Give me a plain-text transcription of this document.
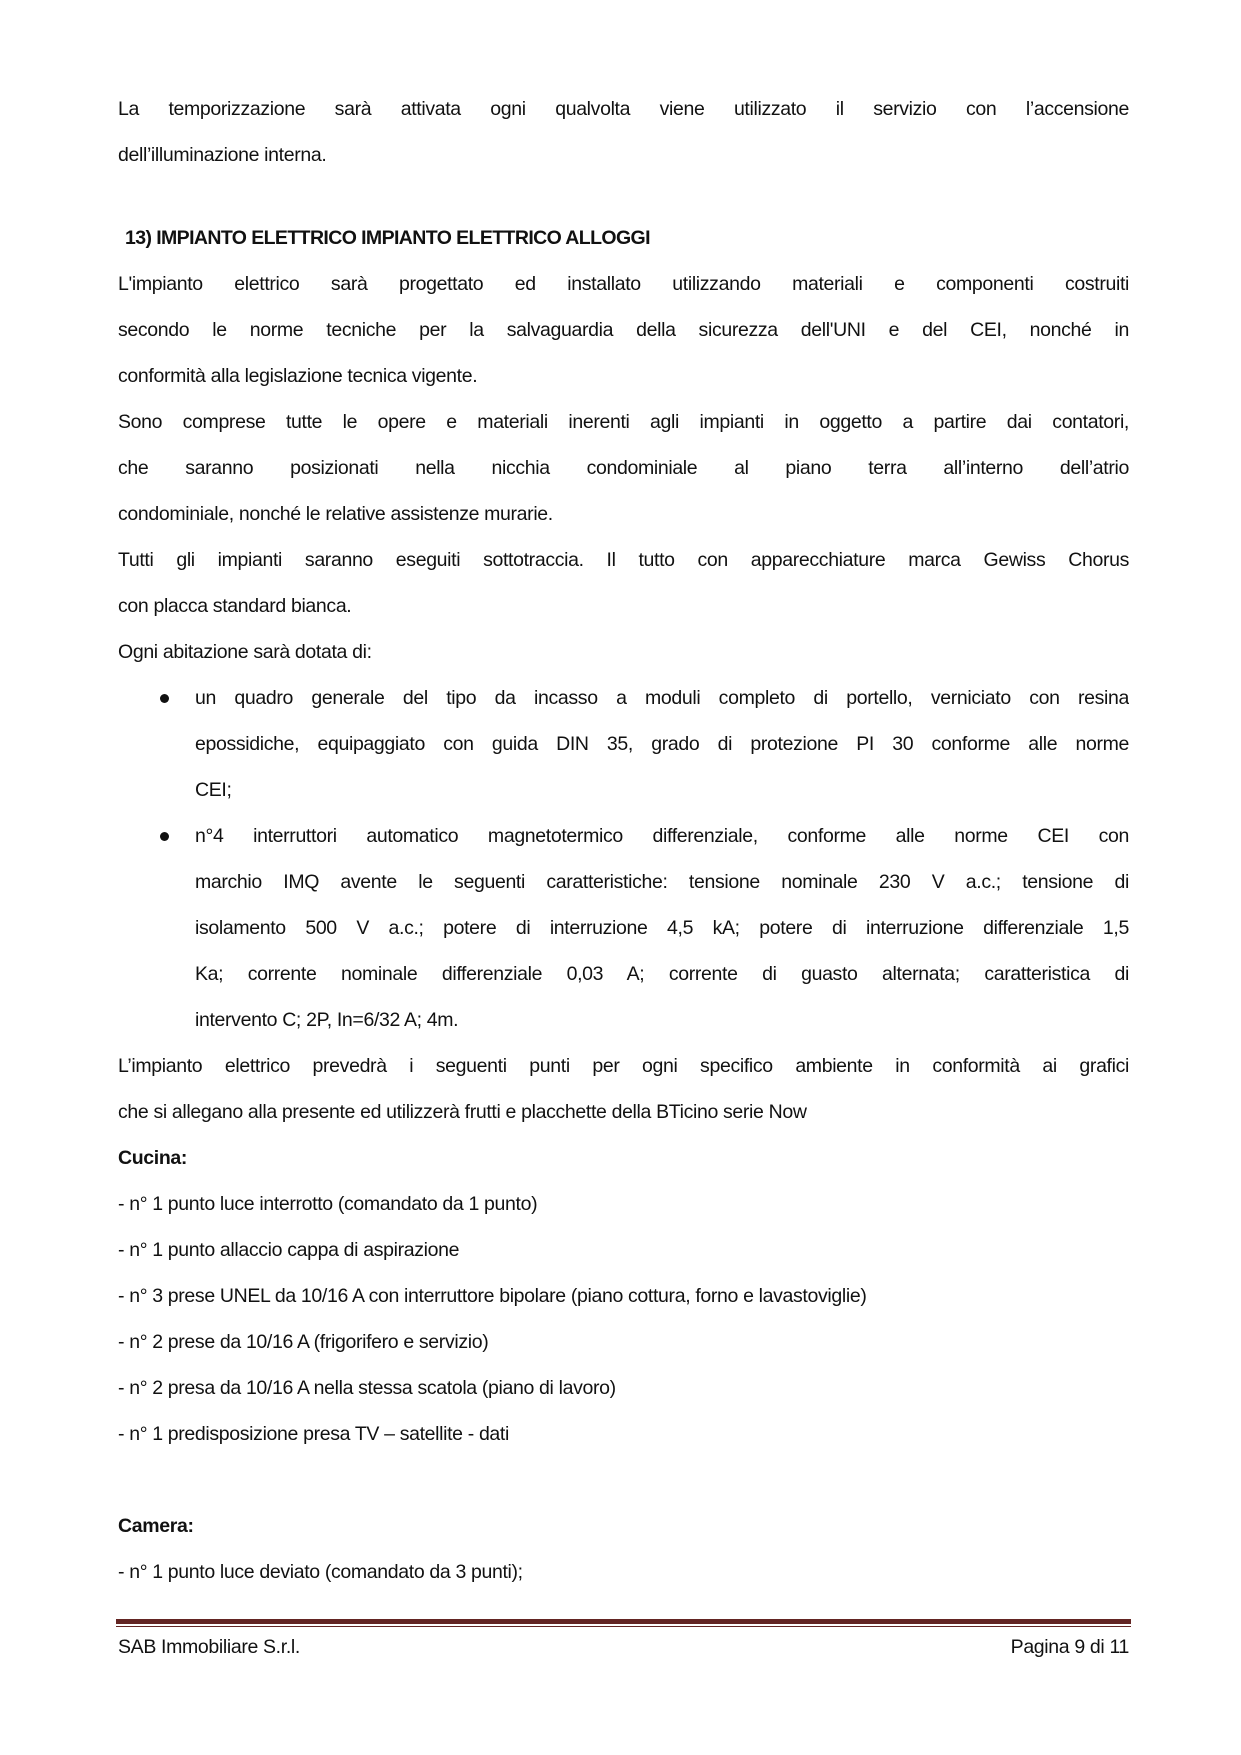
La temporizzazione sarà attivata ogni qualvolta viene utilizzato il servizio con l’accensione
dell’illuminazione interna.
13) IMPIANTO ELETTRICO IMPIANTO ELETTRICO ALLOGGI
L'impianto elettrico sarà progettato ed installato utilizzando materiali e componenti costruiti
secondo le norme tecniche per la salvaguardia della sicurezza dell'UNI e del CEI, nonché in
conformità alla legislazione tecnica vigente.
Sono comprese tutte le opere e materiali inerenti agli impianti in oggetto a partire dai contatori,
che saranno posizionati nella nicchia condominiale al piano terra all’interno dell’atrio
condominiale, nonché le relative assistenze murarie.
Tutti gli impianti saranno eseguiti sottotraccia. Il tutto con apparecchiature marca Gewiss Chorus
con placca standard bianca.
Ogni abitazione sarà dotata di:
un quadro generale del tipo da incasso a moduli completo di portello, verniciato con resina
epossidiche, equipaggiato con guida DIN 35, grado di protezione PI 30 conforme alle norme
CEI;
n°4 interruttori automatico magnetotermico differenziale, conforme alle norme CEI con
marchio IMQ avente le seguenti caratteristiche: tensione nominale 230 V a.c.; tensione di
isolamento 500 V a.c.; potere di interruzione 4,5 kA; potere di interruzione differenziale 1,5
Ka; corrente nominale differenziale 0,03 A; corrente di guasto alternata; caratteristica di
intervento C; 2P, In=6/32 A; 4m.
L’impianto elettrico prevedrà i seguenti punti per ogni specifico ambiente in conformità ai grafici
che si allegano alla presente ed utilizzerà frutti e placchette della BTicino serie Now
Cucina:
- n° 1 punto luce interrotto (comandato da 1 punto)
- n° 1 punto allaccio cappa di aspirazione
- n° 3 prese UNEL da 10/16 A con interruttore bipolare (piano cottura, forno e lavastoviglie)
- n° 2 prese da 10/16 A (frigorifero e servizio)
- n° 2 presa da 10/16 A nella stessa scatola (piano di lavoro)
- n° 1 predisposizione presa TV – satellite - dati
Camera:
- n° 1 punto luce deviato (comandato da 3 punti);
SAB Immobiliare S.r.l.	Pagina 9 di 11
